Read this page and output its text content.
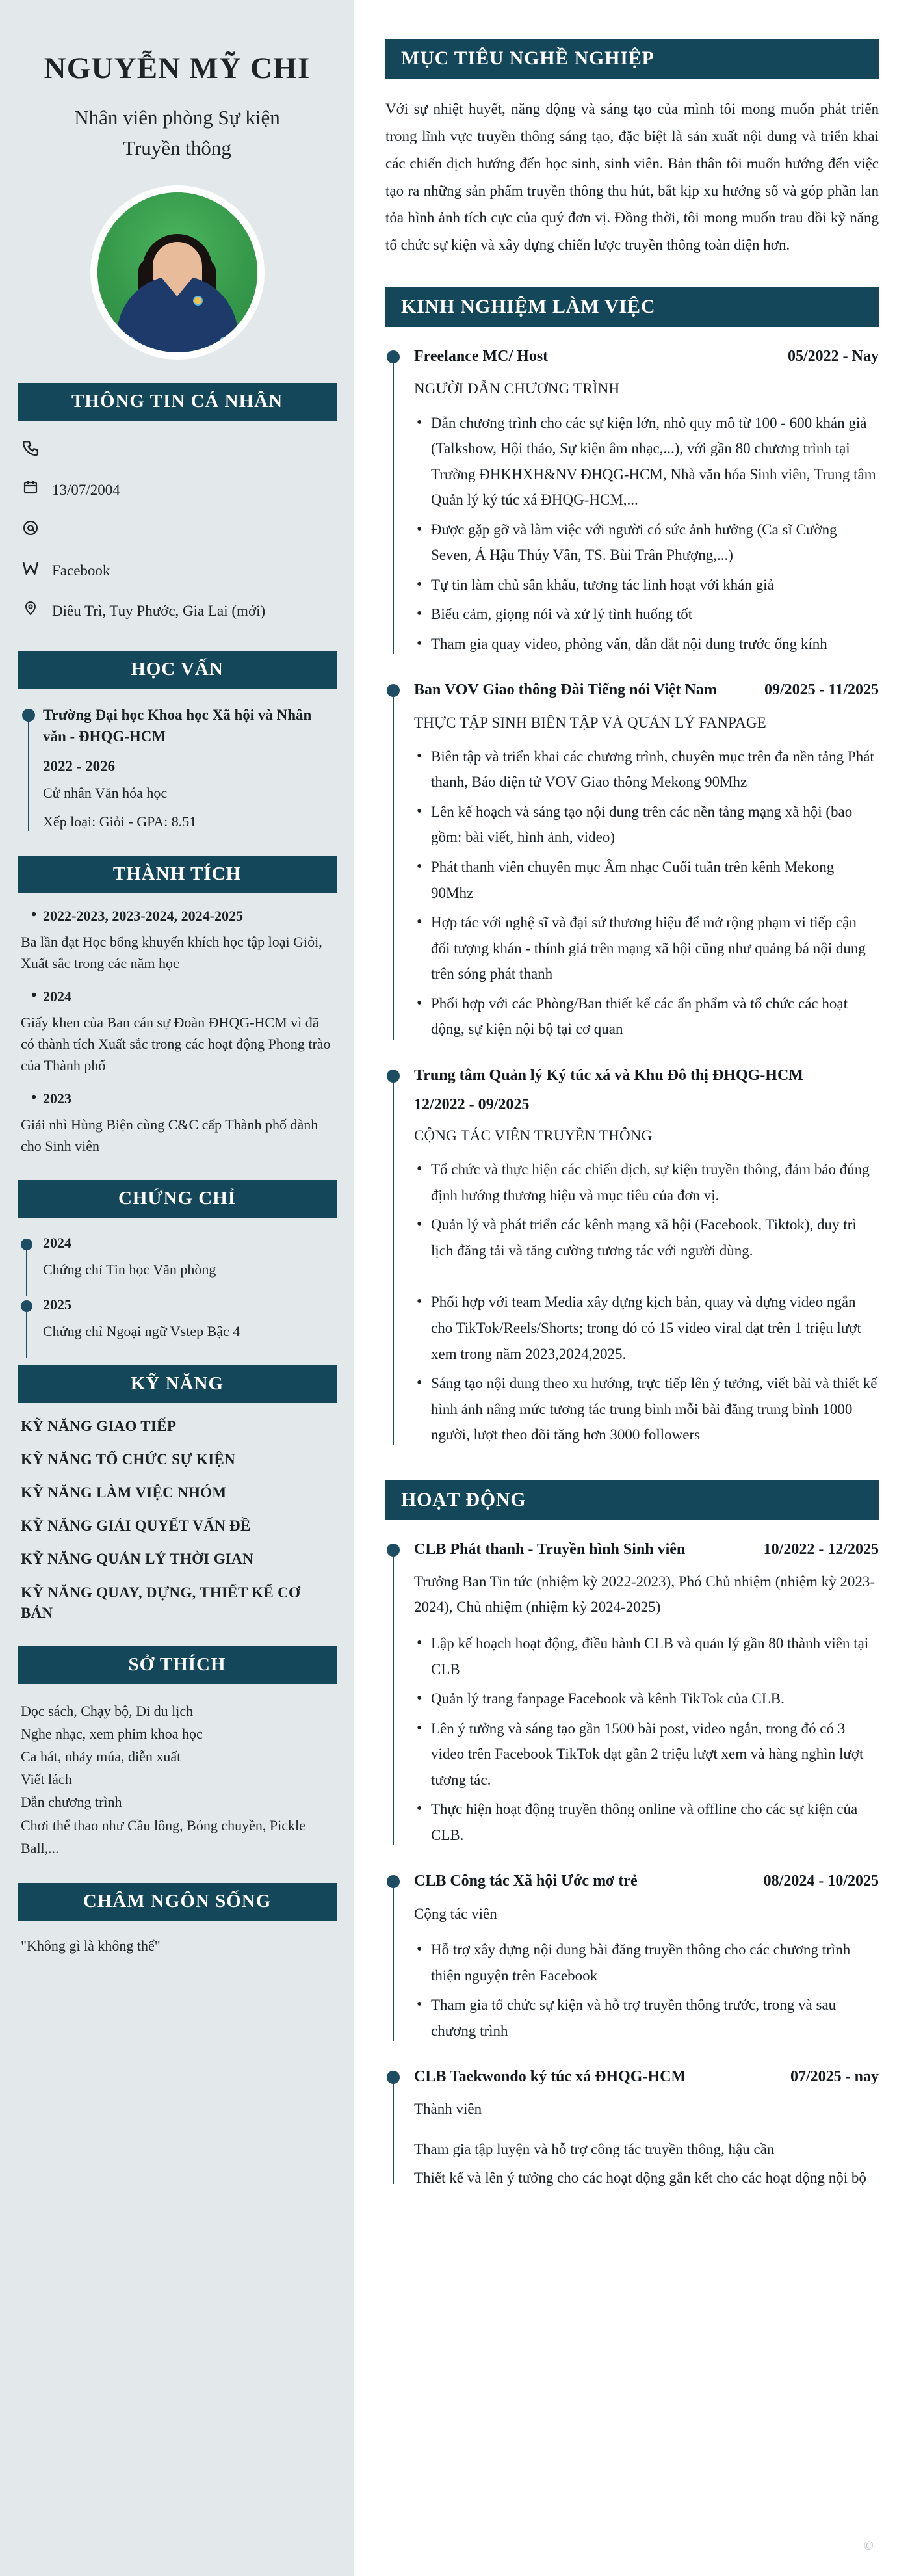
NGUYỄN MỸ CHI
Nhân viên phòng Sự kiện
Truyền thông
THÔNG TIN CÁ NHÂN
13/07/2004
Facebook
Diêu Trì, Tuy Phước, Gia Lai (mới)
HỌC VẤN
Trường Đại học Khoa học Xã hội và Nhân văn - ĐHQG-HCM
2022 - 2026
Cử nhân Văn hóa học
Xếp loại: Giỏi - GPA: 8.51
THÀNH TÍCH
• 2022-2023, 2023-2024, 2024-2025
Ba lần đạt Học bổng khuyến khích học tập loại Giỏi, Xuất sắc trong các năm học
• 2024
Giấy khen của Ban cán sự Đoàn ĐHQG-HCM vì đã có thành tích Xuất sắc trong các hoạt động Phong trào của Thành phố
• 2023
Giải nhì Hùng Biện cùng C&C cấp Thành phố dành cho Sinh viên
CHỨNG CHỈ
2024
Chứng chỉ Tin học Văn phòng
2025
Chứng chỉ Ngoại ngữ Vstep Bậc 4
KỸ NĂNG
KỸ NĂNG GIAO TIẾP
KỸ NĂNG TỔ CHỨC SỰ KIỆN
KỸ NĂNG LÀM VIỆC NHÓM
KỸ NĂNG GIẢI QUYẾT VẤN ĐỀ
KỸ NĂNG QUẢN LÝ THỜI GIAN
KỸ NĂNG QUAY, DỰNG, THIẾT KẾ CƠ BẢN
SỞ THÍCH
Đọc sách, Chạy bộ, Đi du lịch
Nghe nhạc, xem phim khoa học
Ca hát, nhảy múa, diễn xuất
Viết lách
Dẫn chương trình
Chơi thể thao như Cầu lông, Bóng chuyền, Pickle Ball,...
CHÂM NGÔN SỐNG
"Không gì là không thể"
MỤC TIÊU NGHỀ NGHIỆP

Với sự nhiệt huyết, năng động và sáng tạo của mình tôi mong muốn phát triển trong lĩnh vực truyền thông sáng tạo, đặc biệt là sản xuất nội dung và triển khai các chiến dịch hướng đến học sinh, sinh viên. Bản thân tôi muốn hướng đến việc tạo ra những sản phẩm truyền thông thu hút, bắt kịp xu hướng số và góp phần lan tỏa hình ảnh tích cực của quý đơn vị. Đồng thời, tôi mong muốn trau dồi kỹ năng tổ chức sự kiện và xây dựng chiến lược truyền thông toàn diện hơn.

KINH NGHIỆM LÀM VIỆC
Freelance MC/ Host	05/2022 - Nay
NGƯỜI DẪN CHƯƠNG TRÌNH
• Dẫn chương trình cho các sự kiện lớn, nhỏ quy mô từ 100 - 600 khán giả (Talkshow, Hội thảo, Sự kiện âm nhạc,...), với gần 80 chương trình tại Trường ĐHKHXH&NV ĐHQG-HCM, Nhà văn hóa Sinh viên, Trung tâm Quản lý ký túc xá ĐHQG-HCM,...
• Được gặp gỡ và làm việc với người có sức ảnh hưởng (Ca sĩ Cường Seven, Á Hậu Thúy Vân, TS. Bùi Trân Phượng,...)
• Tự tin làm chủ sân khấu, tương tác linh hoạt với khán giả
• Biểu cảm, giọng nói và xử lý tình huống tốt
• Tham gia quay video, phỏng vấn, dẫn dắt nội dung trước ống kính
Ban VOV Giao thông Đài Tiếng nói Việt Nam	09/2025 - 11/2025
THỰC TẬP SINH BIÊN TẬP VÀ QUẢN LÝ FANPAGE
• Biên tập và triển khai các chương trình, chuyên mục trên đa nền tảng Phát thanh, Báo điện tử VOV Giao thông Mekong 90Mhz
• Lên kế hoạch và sáng tạo nội dung trên các nền tảng mạng xã hội (bao gồm: bài viết, hình ảnh, video)
• Phát thanh viên chuyên mục Âm nhạc Cuối tuần trên kênh Mekong 90Mhz
• Hợp tác với nghệ sĩ và đại sứ thương hiệu để mở rộng phạm vi tiếp cận đối tượng khán - thính giả trên mạng xã hội cũng như quảng bá nội dung trên sóng phát thanh
• Phối hợp với các Phòng/Ban thiết kế các ấn phẩm và tổ chức các hoạt động, sự kiện nội bộ tại cơ quan
Trung tâm Quản lý Ký túc xá và Khu Đô thị ĐHQG-HCM
12/2022 - 09/2025
CỘNG TÁC VIÊN TRUYỀN THÔNG
• Tổ chức và thực hiện các chiến dịch, sự kiện truyền thông, đảm bảo đúng định hướng thương hiệu và mục tiêu của đơn vị.
• Quản lý và phát triển các kênh mạng xã hội (Facebook, Tiktok), duy trì lịch đăng tải và tăng cường tương tác với người dùng.
• Phối hợp với team Media xây dựng kịch bản, quay và dựng video ngắn cho TikTok/Reels/Shorts; trong đó có 15 video viral đạt trên 1 triệu lượt xem trong năm 2023,2024,2025.
• Sáng tạo nội dung theo xu hướng, trực tiếp lên ý tưởng, viết bài và thiết kế hình ảnh nâng mức tương tác trung bình mỗi bài đăng trung bình 1000 người, lượt theo dõi tăng hơn 3000 followers
HOẠT ĐỘNG
CLB Phát thanh - Truyền hình Sinh viên	10/2022 - 12/2025
Trưởng Ban Tin tức (nhiệm kỳ 2022-2023), Phó Chủ nhiệm (nhiệm kỳ 2023-2024), Chủ nhiệm (nhiệm kỳ 2024-2025)
• Lập kế hoạch hoạt động, điều hành CLB và quản lý gần 80 thành viên tại CLB
• Quản lý trang fanpage Facebook và kênh TikTok của CLB.
• Lên ý tưởng và sáng tạo gần 1500 bài post, video ngắn, trong đó có 3 video trên Facebook TikTok đạt gần 2 triệu lượt xem và hàng nghìn lượt tương tác.
• Thực hiện hoạt động truyền thông online và offline cho các sự kiện của CLB.
CLB Công tác Xã hội Ước mơ trẻ	08/2024 - 10/2025
Cộng tác viên
• Hỗ trợ xây dựng nội dung bài đăng truyền thông cho các chương trình thiện nguyện trên Facebook
• Tham gia tổ chức sự kiện và hỗ trợ truyền thông trước, trong và sau chương trình
CLB Taekwondo ký túc xá ĐHQG-HCM	07/2025 - nay
Thành viên
Tham gia tập luyện và hỗ trợ công tác truyền thông, hậu cần
Thiết kế và lên ý tưởng cho các hoạt động gắn kết cho các hoạt động nội bộ
©
